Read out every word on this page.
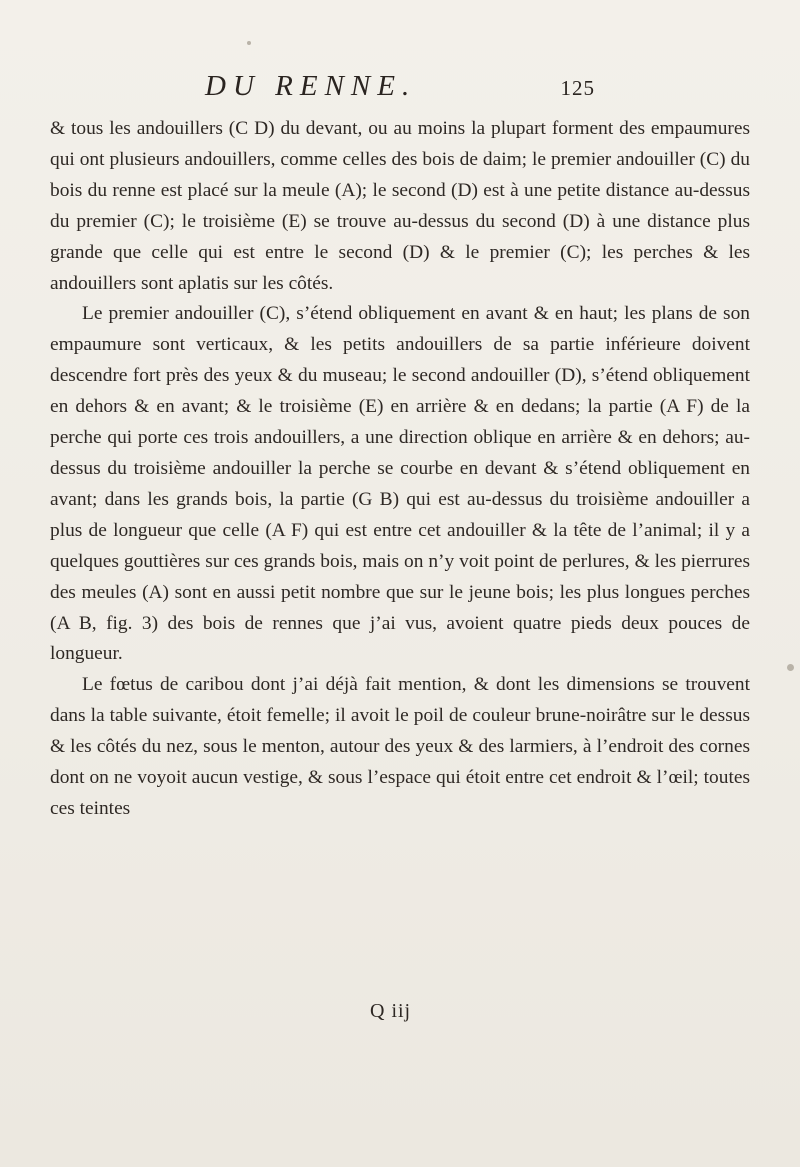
DU RENNE.	125

& tous les andouillers (C D) du devant, ou au moins la plupart forment des empaumures qui ont plusieurs andouillers, comme celles des bois de daim; le premier andouiller (C) du bois du renne est placé sur la meule (A); le second (D) est à une petite distance au-dessus du premier (C); le troisième (E) se trouve au-dessus du second (D) à une distance plus grande que celle qui est entre le second (D) & le premier (C); les perches & les andouillers sont aplatis sur les côtés.

Le premier andouiller (C), s’étend obliquement en avant & en haut; les plans de son empaumure sont verticaux, & les petits andouillers de sa partie inférieure doivent descendre fort près des yeux & du museau; le second andouiller (D), s’étend obliquement en dehors & en avant; & le troisième (E) en arrière & en dedans; la partie (A F) de la perche qui porte ces trois andouillers, a une direction oblique en arrière & en dehors; au-dessus du troisième andouiller la perche se courbe en devant & s’étend obliquement en avant; dans les grands bois, la partie (G B) qui est au-dessus du troisième andouiller a plus de longueur que celle (A F) qui est entre cet andouiller & la tête de l’animal; il y a quelques gouttières sur ces grands bois, mais on n’y voit point de perlures, & les pierrures des meules (A) sont en aussi petit nombre que sur le jeune bois; les plus longues perches (A B, fig. 3) des bois de rennes que j’ai vus, avoient quatre pieds deux pouces de longueur.

Le fœtus de caribou dont j’ai déjà fait mention, & dont les dimensions se trouvent dans la table suivante, étoit femelle; il avoit le poil de couleur brune-noirâtre sur le dessus & les côtés du nez, sous le menton, autour des yeux & des larmiers, à l’endroit des cornes dont on ne voyoit aucun vestige, & sous l’espace qui étoit entre cet endroit & l’œil; toutes ces teintes

Q iij
